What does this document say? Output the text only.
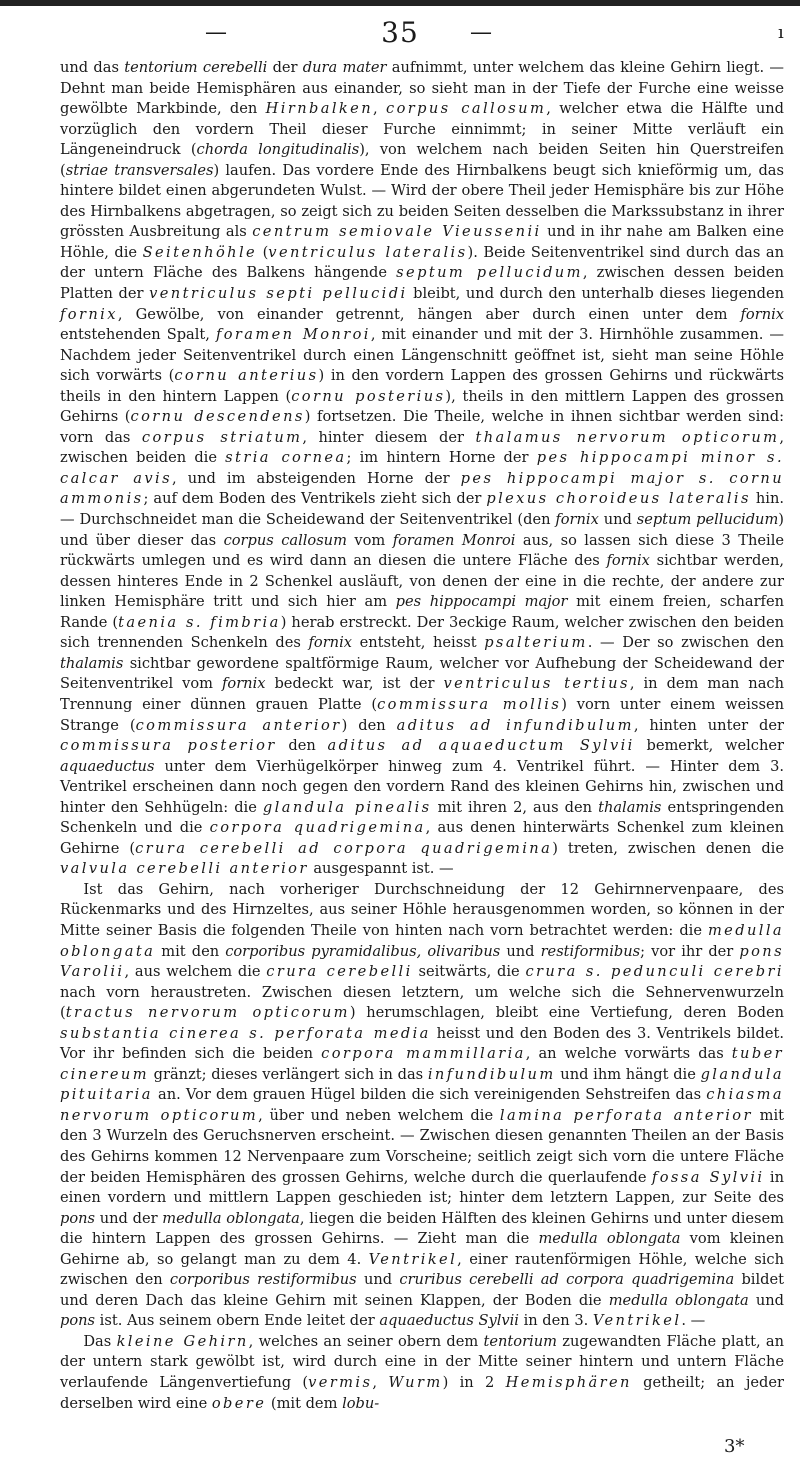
—	35	—	ı

und das tentorium cerebelli der dura mater aufnimmt, unter welchem das kleine Gehirn liegt. — Dehnt man beide Hemisphären aus einander, so sieht man in der Tiefe der Furche eine weisse gewölbte Markbinde, den Hirnbalken, corpus callosum, welcher etwa die Hälfte und vorzüglich den vordern Theil dieser Furche einnimmt; in seiner Mitte verläuft ein Längeneindruck (chorda longitudinalis), von welchem nach beiden Seiten hin Querstreifen (striae transversales) laufen. Das vordere Ende des Hirnbalkens beugt sich knieförmig um, das hintere bildet einen abgerundeten Wulst. — Wird der obere Theil jeder Hemisphäre bis zur Höhe des Hirnbalkens abgetragen, so zeigt sich zu beiden Seiten desselben die Markssubstanz in ihrer grössten Ausbreitung als centrum semiovale Vieussenii und in ihr nahe am Balken eine Höhle, die Seitenhöhle (ventriculus lateralis). Beide Seitenventrikel sind durch das an der untern Fläche des Balkens hängende septum pellucidum, zwischen dessen beiden Platten der ventriculus septi pellucidi bleibt, und durch den unterhalb dieses liegenden fornix, Gewölbe, von einander getrennt, hängen aber durch einen unter dem fornix entstehenden Spalt, foramen Monroi, mit einander und mit der 3. Hirnhöhle zusammen. — Nachdem jeder Seitenventrikel durch einen Längenschnitt geöffnet ist, sieht man seine Höhle sich vorwärts (cornu anterius) in den vordern Lappen des grossen Gehirns und rückwärts theils in den hintern Lappen (cornu posterius), theils in den mittlern Lappen des grossen Gehirns (cornu descendens) fortsetzen. Die Theile, welche in ihnen sichtbar werden sind: vorn das corpus striatum, hinter diesem der thalamus nervorum opticorum, zwischen beiden die stria cornea; im hintern Horne der pes hippocampi minor s. calcar avis, und im absteigenden Horne der pes hippocampi major s. cornu ammonis; auf dem Boden des Ventrikels zieht sich der plexus choroideus lateralis hin. — Durchschneidet man die Scheidewand der Seitenventrikel (den fornix und septum pellucidum) und über dieser das corpus callosum vom foramen Monroi aus, so lassen sich diese 3 Theile rückwärts umlegen und es wird dann an diesen die untere Fläche des fornix sichtbar werden, dessen hinteres Ende in 2 Schenkel ausläuft, von denen der eine in die rechte, der andere zur linken Hemisphäre tritt und sich hier am pes hippocampi major mit einem freien, scharfen Rande (taenia s. fimbria) herab erstreckt. Der 3eckige Raum, welcher zwischen den beiden sich trennenden Schenkeln des fornix entsteht, heisst psalterium. — Der so zwischen den thalamis sichtbar gewordene spaltförmige Raum, welcher vor Aufhebung der Scheidewand der Seitenventrikel vom fornix bedeckt war, ist der ventriculus tertius, in dem man nach Trennung einer dünnen grauen Platte (commissura mollis) vorn unter einem weissen Strange (commissura anterior) den aditus ad infundibulum, hinten unter der commissura posterior den aditus ad aquaeductum Sylvii bemerkt, welcher aquaeductus unter dem Vierhügelkörper hinweg zum 4. Ventrikel führt. — Hinter dem 3. Ventrikel erscheinen dann noch gegen den vordern Rand des kleinen Gehirns hin, zwischen und hinter den Sehhügeln: die glandula pinealis mit ihren 2, aus den thalamis entspringenden Schenkeln und die corpora quadrigemina, aus denen hinterwärts Schenkel zum kleinen Gehirne (crura cerebelli ad corpora quadrigemina) treten, zwischen denen die valvula cerebelli anterior ausgespannt ist. —

Ist das Gehirn, nach vorheriger Durchschneidung der 12 Gehirnnervenpaare, des Rückenmarks und des Hirnzeltes, aus seiner Höhle herausgenommen worden, so können in der Mitte seiner Basis die folgenden Theile von hinten nach vorn betrachtet werden: die medulla oblongata mit den corporibus pyramidalibus, olivaribus und restiformibus; vor ihr der pons Varolii, aus welchem die crura cerebelli seitwärts, die crura s. pedunculi cerebri nach vorn heraustreten. Zwischen diesen letztern, um welche sich die Sehnervenwurzeln (tractus nervorum opticorum) herumschlagen, bleibt eine Vertiefung, deren Boden substantia cinerea s. perforata media heisst und den Boden des 3. Ventrikels bildet. Vor ihr befinden sich die beiden corpora mammillaria, an welche vorwärts das tuber cinereum gränzt; dieses verlängert sich in das infundibulum und ihm hängt die glandula pituitaria an. Vor dem grauen Hügel bilden die sich vereinigenden Sehstreifen das chiasma nervorum opticorum, über und neben welchem die lamina perforata anterior mit den 3 Wurzeln des Geruchsnerven erscheint. — Zwischen diesen genannten Theilen an der Basis des Gehirns kommen 12 Nervenpaare zum Vorscheine; seitlich zeigt sich vorn die untere Fläche der beiden Hemisphären des grossen Gehirns, welche durch die querlaufende fossa Sylvii in einen vordern und mittlern Lappen geschieden ist; hinter dem letztern Lappen, zur Seite des pons und der medulla oblongata, liegen die beiden Hälften des kleinen Gehirns und unter diesem die hintern Lappen des grossen Gehirns. — Zieht man die medulla oblongata vom kleinen Gehirne ab, so gelangt man zu dem 4. Ventrikel, einer rautenförmigen Höhle, welche sich zwischen den corporibus restiformibus und cruribus cerebelli ad corpora quadrigemina bildet und deren Dach das kleine Gehirn mit seinen Klappen, der Boden die medulla oblongata und pons ist. Aus seinem obern Ende leitet der aquaeductus Sylvii in den 3. Ventrikel. —

Das kleine Gehirn, welches an seiner obern dem tentorium zugewandten Fläche platt, an der untern stark gewölbt ist, wird durch eine in der Mitte seiner hintern und untern Fläche verlaufende Längenvertiefung (vermis, Wurm) in 2 Hemisphären getheilt; an jeder derselben wird eine obere (mit dem lobu-

3*
